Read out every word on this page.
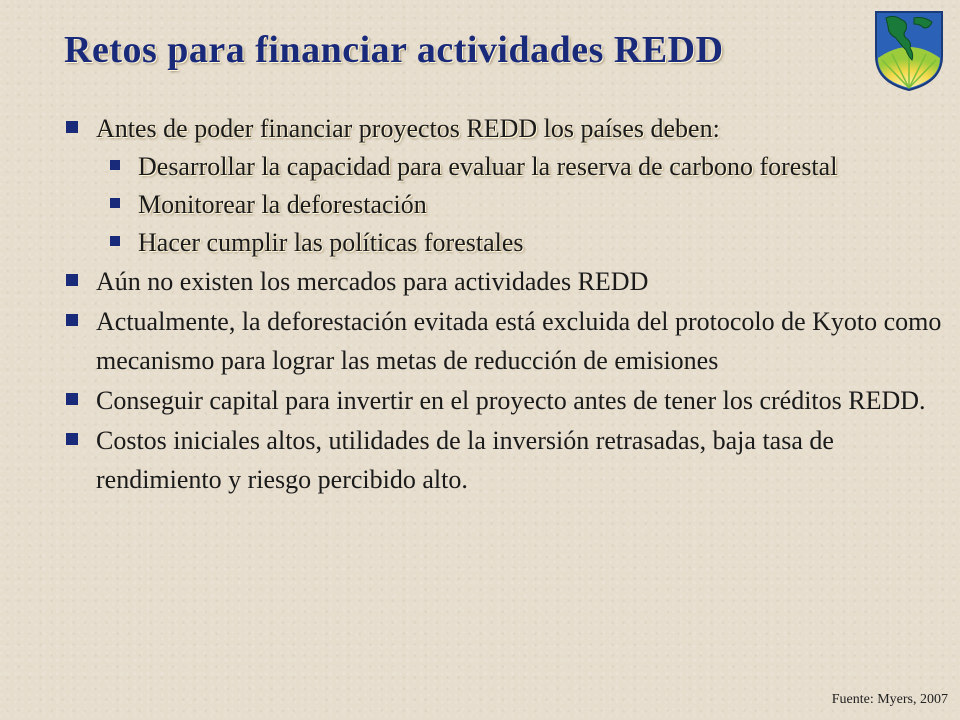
Retos para financiar actividades REDD
Antes de poder financiar proyectos REDD los países deben:
Desarrollar la capacidad para evaluar la reserva de carbono forestal
Monitorear la deforestación
Hacer cumplir las políticas forestales
Aún no existen los mercados para actividades REDD
Actualmente, la deforestación evitada está excluida del protocolo de Kyoto como mecanismo para lograr las metas de reducción de emisiones
Conseguir capital para invertir en el proyecto antes de tener los créditos REDD.
Costos iniciales altos, utilidades de la inversión retrasadas, baja tasa de rendimiento y riesgo percibido alto.
Fuente: Myers, 2007
